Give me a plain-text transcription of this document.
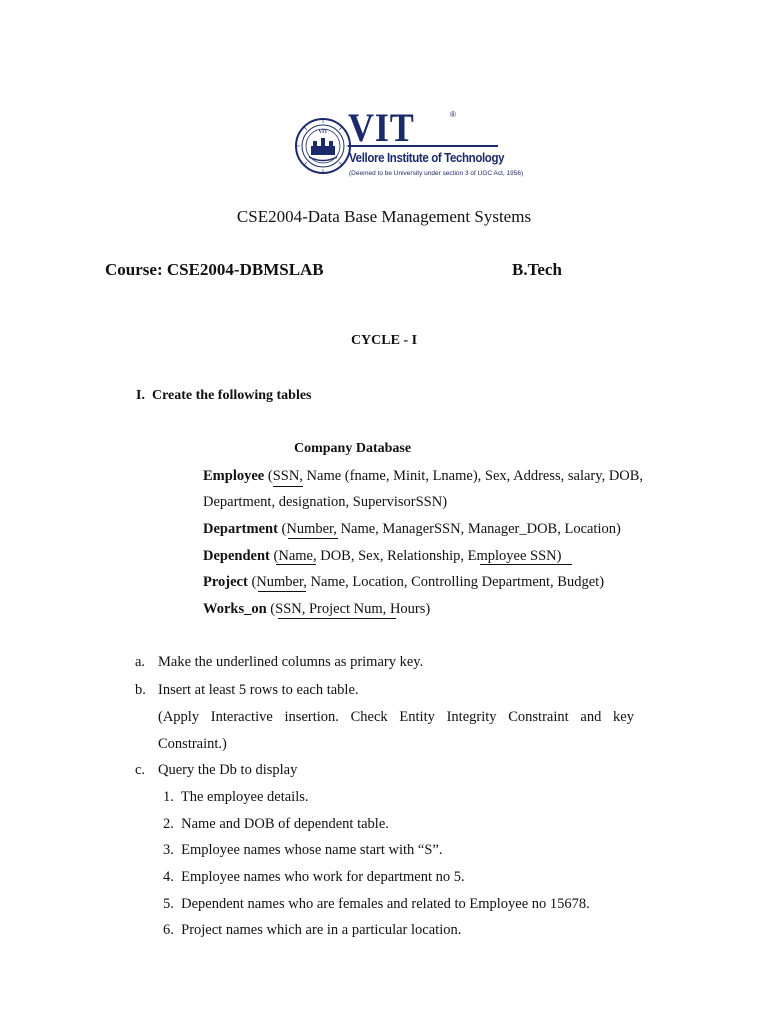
VIT VIT	®
Vellore Institute of Technology
(Deemed to be University under section 3 of UGC Act, 1956)
CSE2004-Data Base Management Systems
Course: CSE2004-DBMSLAB	B.Tech
CYCLE - I
I. Create the following tables
Company Database
Employee (SSN, Name (fname, Minit, Lname), Sex, Address, salary, DOB,
Department, designation, SupervisorSSN)
Department (Number, Name, ManagerSSN, Manager_DOB, Location)
Dependent (Name, DOB, Sex, Relationship, Employee SSN)
Project (Number, Name, Location, Controlling Department, Budget)
Works_on (SSN, Project Num, Hours)
a. Make the underlined columns as primary key.
b. Insert at least 5 rows to each table.
(Apply Interactive insertion. Check Entity Integrity Constraint and key
Constraint.)
c. Query the Db to display
1. The employee details.
2. Name and DOB of dependent table.
3. Employee names whose name start with “S”.
4. Employee names who work for department no 5.
5. Dependent names who are females and related to Employee no 15678.
6. Project names which are in a particular location.
